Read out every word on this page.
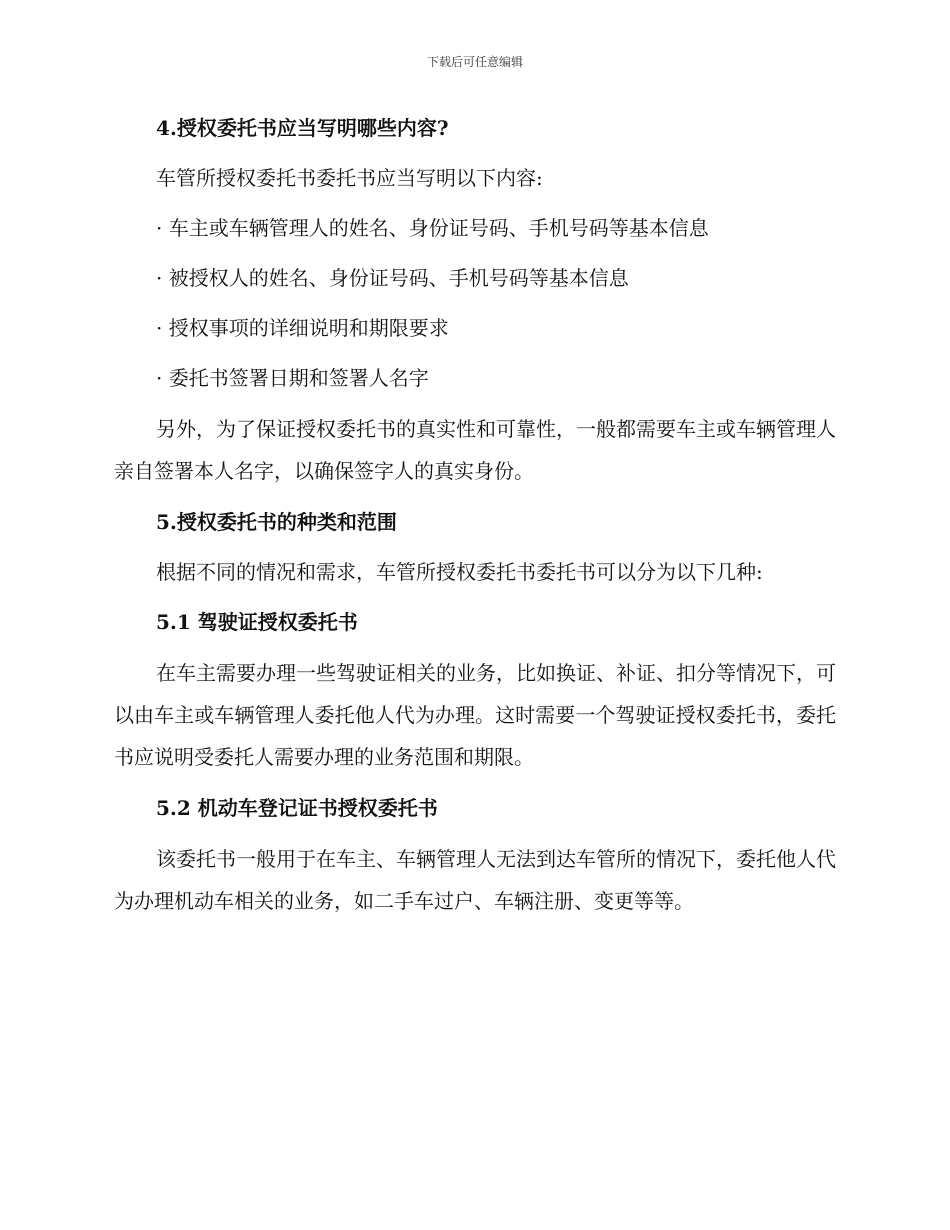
下载后可任意编辑
4.授权委托书应当写明哪些内容?
车管所授权委托书委托书应当写明以下内容:
· 车主或车辆管理人的姓名、身份证号码、手机号码等基本信息
· 被授权人的姓名、身份证号码、手机号码等基本信息
· 授权事项的详细说明和期限要求
· 委托书签署日期和签署人名字

另外，为了保证授权委托书的真实性和可靠性，一般都需要车主或车辆管理人亲自签署本人名字，以确保签字人的真实身份。

5.授权委托书的种类和范围
根据不同的情况和需求，车管所授权委托书委托书可以分为以下几种:
5.1 驾驶证授权委托书

在车主需要办理一些驾驶证相关的业务，比如换证、补证、扣分等情况下，可以由车主或车辆管理人委托他人代为办理。这时需要一个驾驶证授权委托书，委托书应说明受委托人需要办理的业务范围和期限。

5.2 机动车登记证书授权委托书

该委托书一般用于在车主、车辆管理人无法到达车管所的情况下，委托他人代为办理机动车相关的业务，如二手车过户、车辆注册、变更等等。
